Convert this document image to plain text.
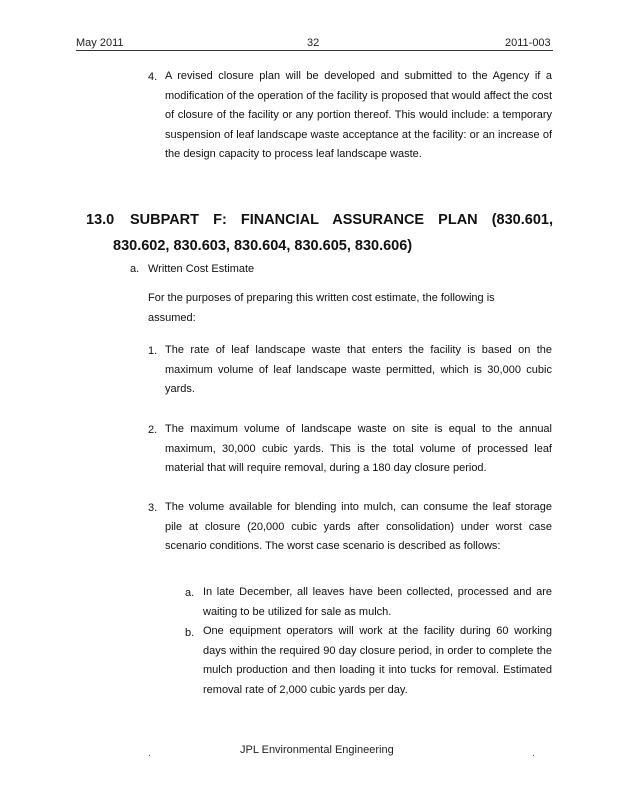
May 2011	32	2011-003
4. A revised closure plan will be developed and submitted to the Agency if a modification of the operation of the facility is proposed that would affect the cost of closure of the facility or any portion thereof. This would include: a temporary suspension of leaf landscape waste acceptance at the facility: or an increase of the design capacity to process leaf landscape waste.
13.0 SUBPART F: FINANCIAL ASSURANCE PLAN (830.601,
830.602, 830.603, 830.604, 830.605, 830.606)
a. Written Cost Estimate
For the purposes of preparing this written cost estimate, the following is assumed:
1. The rate of leaf landscape waste that enters the facility is based on the maximum volume of leaf landscape waste permitted, which is 30,000 cubic yards.
2. The maximum volume of landscape waste on site is equal to the annual maximum, 30,000 cubic yards. This is the total volume of processed leaf material that will require removal, during a 180 day closure period.
3. The volume available for blending into mulch, can consume the leaf storage pile at closure (20,000 cubic yards after consolidation) under worst case scenario conditions. The worst case scenario is described as follows:
a. In late December, all leaves have been collected, processed and are waiting to be utilized for sale as mulch.
b. One equipment operators will work at the facility during 60 working days within the required 90 day closure period, in order to complete the mulch production and then loading it into tucks for removal. Estimated removal rate of 2,000 cubic yards per day.
.	JPL Environmental Engineering	.
